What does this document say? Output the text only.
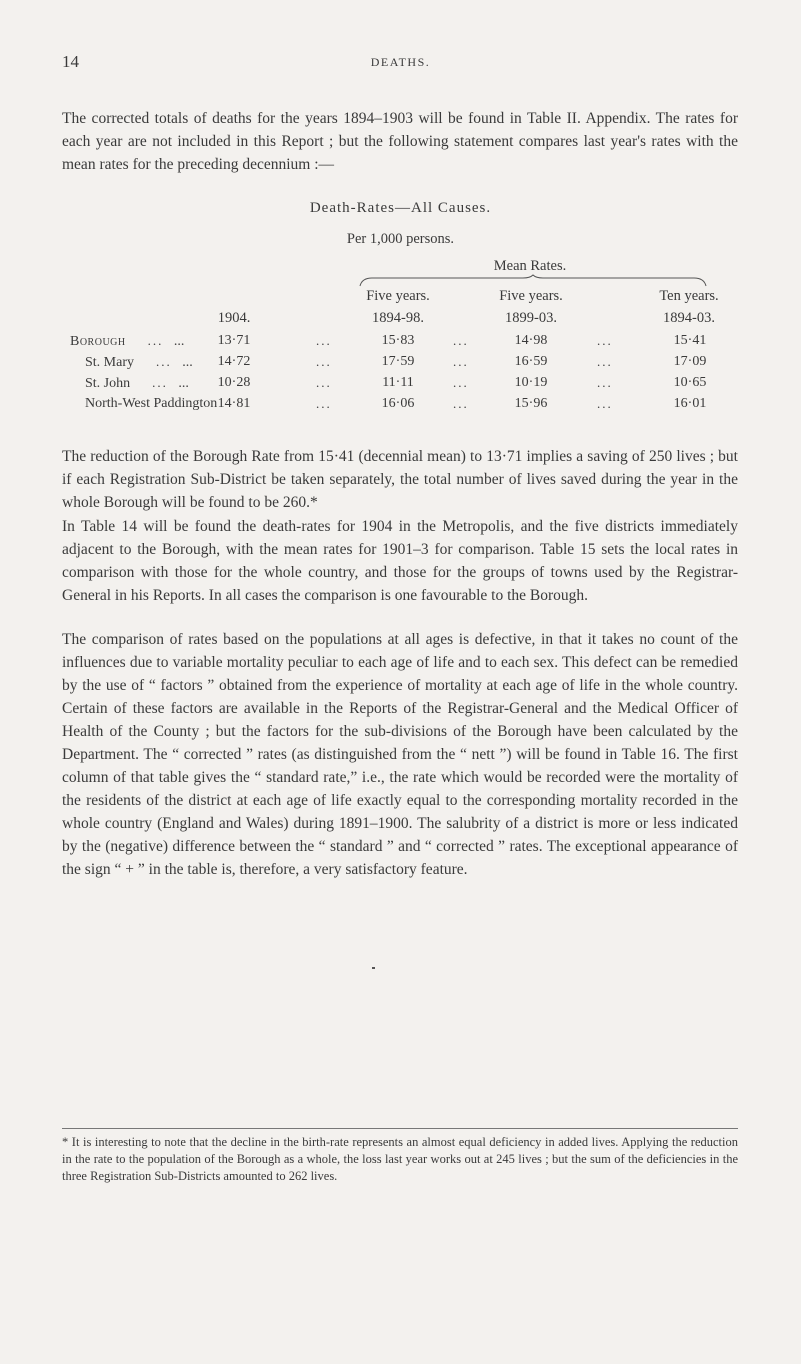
14	DEATHS.

The corrected totals of deaths for the years 1894–1903 will be found in Table II. Appendix. The rates for each year are not included in this Report ; but the following statement compares last year's rates with the mean rates for the preceding decennium :—

Death-Rates—All Causes.
Per 1,000 persons.
Mean Rates.
Five years.	Five years.	Ten years.
1904.	1894-98.	1899-03.	1894-03.
Borough ... ...	13·71	...	15·83	...	14·98	...	15·41
St. Mary ... ...	14·72	...	17·59	...	16·59	...	17·09
St. John ... ...	10·28	...	11·11	...	10·19	...	10·65
North-West Paddington 14·81	...	16·06	...	15·96	...	16·01

The reduction of the Borough Rate from 15·41 (decennial mean) to 13·71 implies a saving of 250 lives ; but if each Registration Sub-District be taken separately, the total number of lives saved during the year in the whole Borough will be found to be 260.*

In Table 14 will be found the death-rates for 1904 in the Metropolis, and the five districts immediately adjacent to the Borough, with the mean rates for 1901–3 for comparison. Table 15 sets the local rates in comparison with those for the whole country, and those for the groups of towns used by the Registrar-General in his Reports. In all cases the comparison is one favourable to the Borough.

The comparison of rates based on the populations at all ages is defective, in that it takes no count of the influences due to variable mortality peculiar to each age of life and to each sex. This defect can be remedied by the use of “ factors ” obtained from the experience of mortality at each age of life in the whole country. Certain of these factors are available in the Reports of the Registrar-General and the Medical Officer of Health of the County ; but the factors for the sub-divisions of the Borough have been calculated by the Department. The “ corrected ” rates (as distinguished from the “ nett ”) will be found in Table 16. The first column of that table gives the “ standard rate,” i.e., the rate which would be recorded were the mortality of the residents of the district at each age of life exactly equal to the corresponding mortality recorded in the whole country (England and Wales) during 1891–1900. The salubrity of a district is more or less indicated by the (negative) difference between the “ standard ” and “ corrected ” rates. The exceptional appearance of the sign “ + ” in the table is, therefore, a very satisfactory feature.

* It is interesting to note that the decline in the birth-rate represents an almost equal deficiency in added lives. Applying the reduction in the rate to the population of the Borough as a whole, the loss last year works out at 245 lives ; but the sum of the deficiencies in the three Registration Sub-Districts amounted to 262 lives.
